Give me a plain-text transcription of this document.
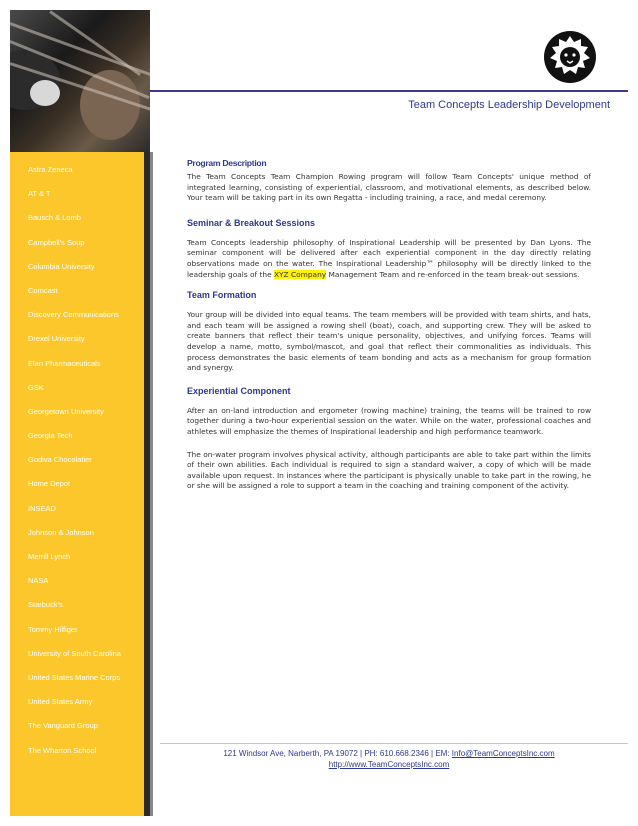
Astra Zeneca
AT & T
Bausch & Lomb
Campbell's Soup
Columbia University
Comcast
Discovery Communications
Drexel University
Elan Pharmaceuticals
GSK
Georgetown University
Georgia Tech
Godiva Chocolatier
Home Depot
INSEAD
Johnson & Johnson
Merrill Lynch
NASA
Starbuck's
Tommy Hilfiger
University of South Carolina
United States Marine Corps
United States Army
The Vanguard Group
The Wharton School
Team Concepts Leadership Development
Program Description

The Team Concepts Team Champion Rowing program will follow Team Concepts' unique method of integrated learning, consisting of experiential, classroom, and motivational elements, as described below. Your team will be taking part in its own Regatta - including training, a race, and medal ceremony.

Seminar & Breakout Sessions

Team Concepts leadership philosophy of Inspirational Leadership will be presented by Dan Lyons. The seminar component will be delivered after each experiential component in the day directly relating observations made on the water. The Inspirational Leadership™ philosophy will be directly linked to the leadership goals of the XYZ Company Management Team and re-enforced in the team break-out sessions.

Team Formation

Your group will be divided into equal teams. The team members will be provided with team shirts, and hats, and each team will be assigned a rowing shell (boat), coach, and supporting crew. They will be asked to create banners that reflect their team's unique personality, objectives, and unifying forces. Teams will develop a name, motto, symbol/mascot, and goal that reflect their commonalities as individuals. This process demonstrates the basic elements of team bonding and acts as a mechanism for group formation and synergy.

Experiential Component

After an on-land introduction and ergometer (rowing machine) training, the teams will be trained to row together during a two-hour experiential session on the water. While on the water, professional coaches and athletes will emphasize the themes of Inspirational leadership and high performance teamwork.

The on-water program involves physical activity, although participants are able to take part within the limits of their own abilities. Each individual is required to sign a standard waiver, a copy of which will be made available upon request. In instances where the participant is physically unable to take part in the rowing, he or she will be assigned a role to support a team in the coaching and training component of the activity.

121 Windsor Ave, Narberth, PA 19072 | PH: 610.668.2346 | EM: Info@TeamConceptsInc.com
http://www.TeamConceptsInc.com
